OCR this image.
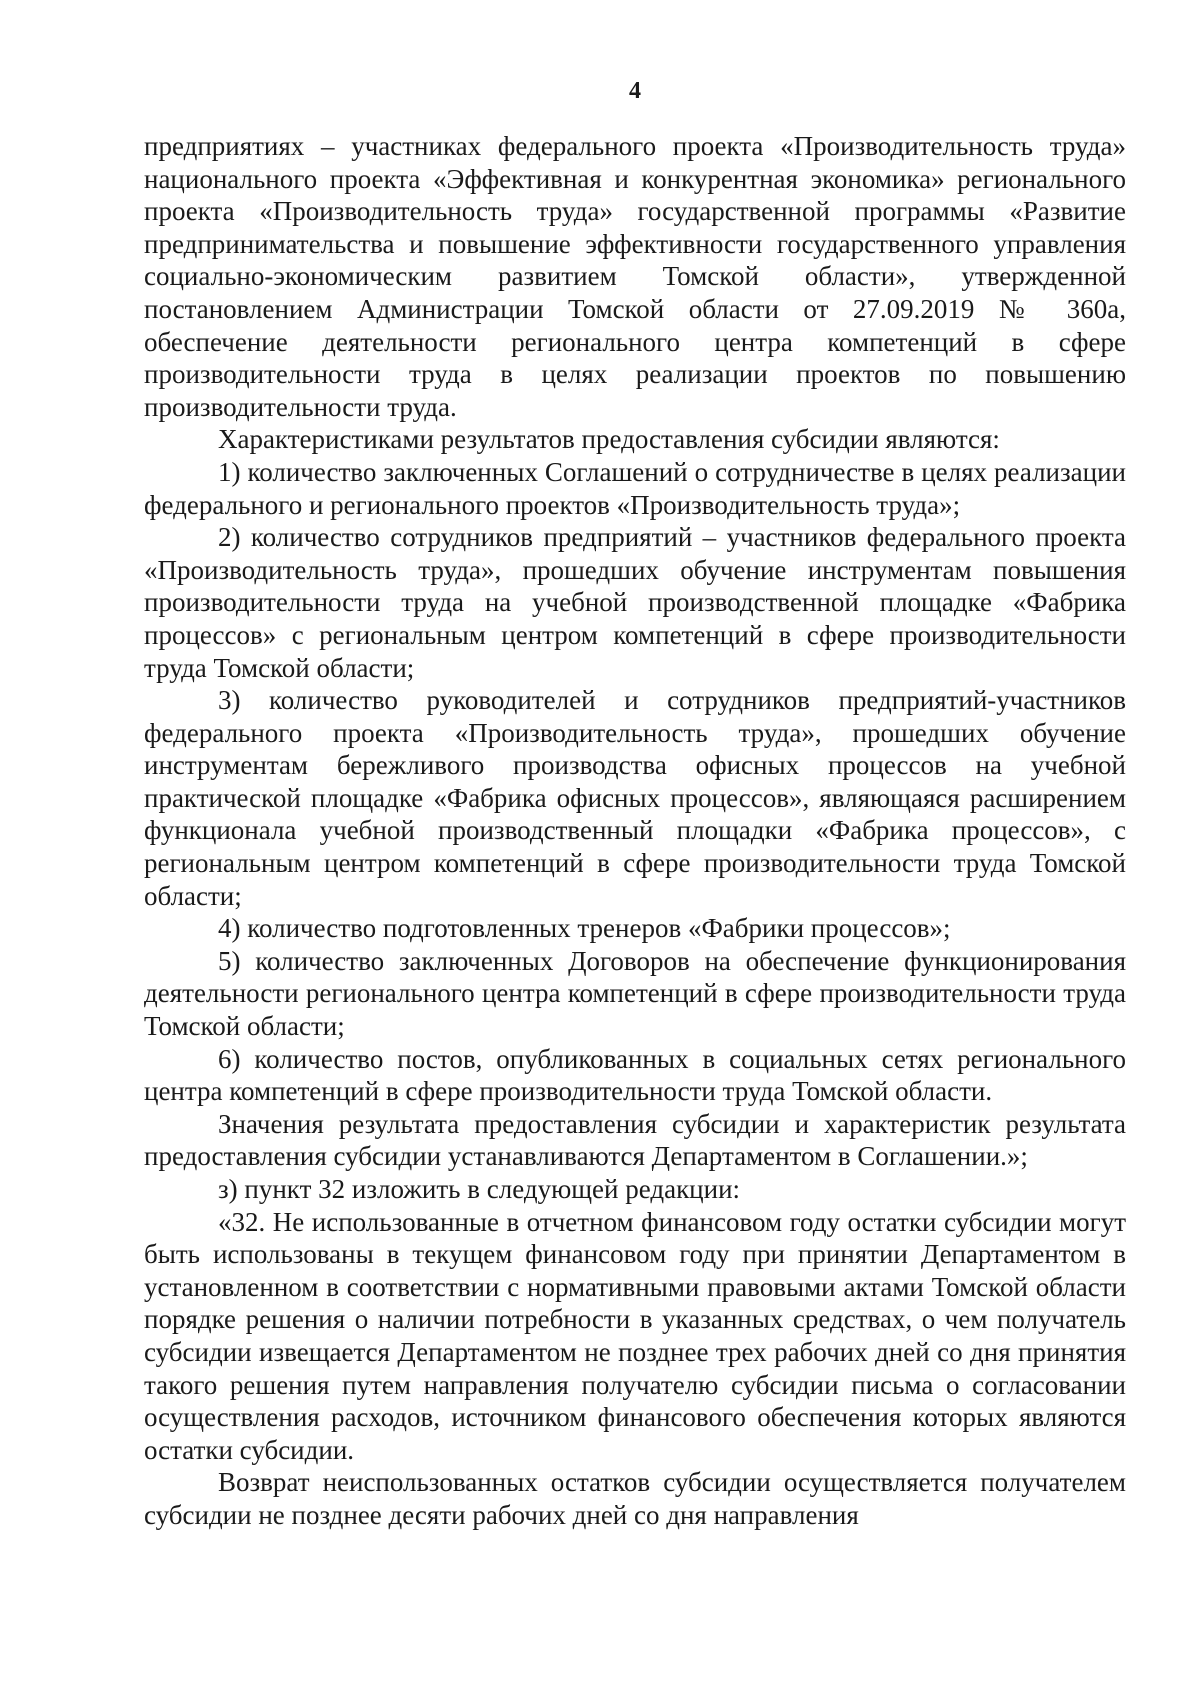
4

предприятиях – участниках федерального проекта «Производительность труда» национального проекта «Эффективная и конкурентная экономика» регионального проекта «Производительность труда» государственной программы «Развитие предпринимательства и повышение эффективности государственного управления социально-экономическим развитием Томской области», утвержденной постановлением Администрации Томской области от 27.09.2019 № 360а, обеспечение деятельности регионального центра компетенций в сфере производительности труда в целях реализации проектов по повышению производительности труда.

Характеристиками результатов предоставления субсидии являются:

1) количество заключенных Соглашений о сотрудничестве в целях реализации федерального и регионального проектов «Производительность труда»;

2) количество сотрудников предприятий – участников федерального проекта «Производительность труда», прошедших обучение инструментам повышения производительности труда на учебной производственной площадке «Фабрика процессов» с региональным центром компетенций в сфере производительности труда Томской области;

3) количество руководителей и сотрудников предприятий-участников федерального проекта «Производительность труда», прошедших обучение инструментам бережливого производства офисных процессов на учебной практической площадке «Фабрика офисных процессов», являющаяся расширением функционала учебной производственный площадки «Фабрика процессов», с региональным центром компетенций в сфере производительности труда Томской области;

4) количество подготовленных тренеров «Фабрики процессов»;

5) количество заключенных Договоров на обеспечение функционирования деятельности регионального центра компетенций в сфере производительности труда Томской области;

6) количество постов, опубликованных в социальных сетях регионального центра компетенций в сфере производительности труда Томской области.

Значения результата предоставления субсидии и характеристик результата предоставления субсидии устанавливаются Департаментом в Соглашении.»;

з) пункт 32 изложить в следующей редакции:

«32. Не использованные в отчетном финансовом году остатки субсидии могут быть использованы в текущем финансовом году при принятии Департаментом в установленном в соответствии с нормативными правовыми актами Томской области порядке решения о наличии потребности в указанных средствах, о чем получатель субсидии извещается Департаментом не позднее трех рабочих дней со дня принятия такого решения путем направления получателю субсидии письма о согласовании осуществления расходов, источником финансового обеспечения которых являются остатки субсидии.

Возврат неиспользованных остатков субсидии осуществляется получателем субсидии не позднее десяти рабочих дней со дня направления
